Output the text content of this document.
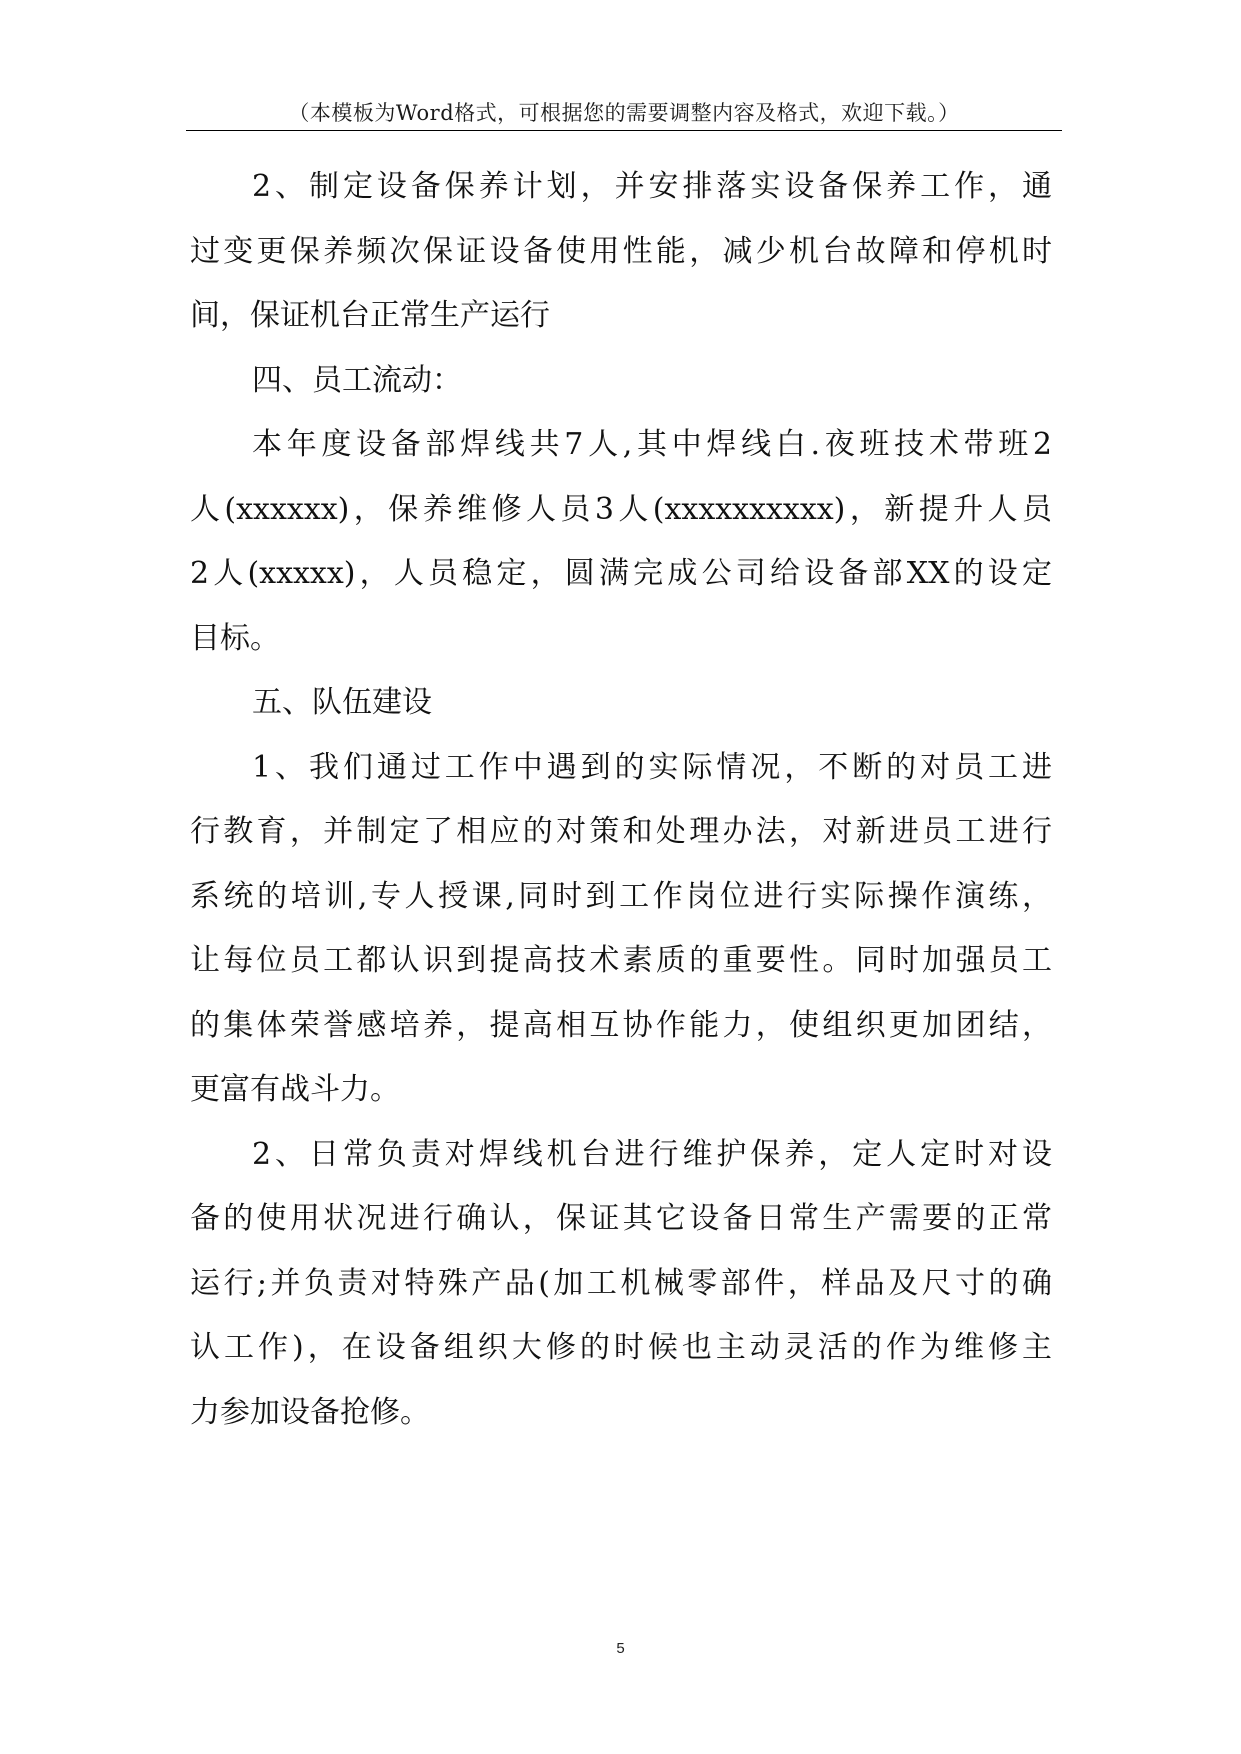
（本模板为Word格式，可根据您的需要调整内容及格式，欢迎下载。）
2、制定设备保养计划，并安排落实设备保养工作，通
过变更保养频次保证设备使用性能，减少机台故障和停机时
间，保证机台正常生产运行
四、员工流动：
本年度设备部焊线共7人,其中焊线白.夜班技术带班2
人(xxxxxx)，保养维修人员3人(xxxxxxxxxx)，新提升人员
2人(xxxxx)，人员稳定，圆满完成公司给设备部XX的设定
目标。
五、队伍建设
1、我们通过工作中遇到的实际情况，不断的对员工进
行教育，并制定了相应的对策和处理办法，对新进员工进行
系统的培训,专人授课,同时到工作岗位进行实际操作演练，
让每位员工都认识到提高技术素质的重要性。同时加强员工
的集体荣誉感培养，提高相互协作能力，使组织更加团结，
更富有战斗力。
2、日常负责对焊线机台进行维护保养，定人定时对设
备的使用状况进行确认，保证其它设备日常生产需要的正常
运行;并负责对特殊产品(加工机械零部件，样品及尺寸的确
认工作)，在设备组织大修的时候也主动灵活的作为维修主
力参加设备抢修。
5
